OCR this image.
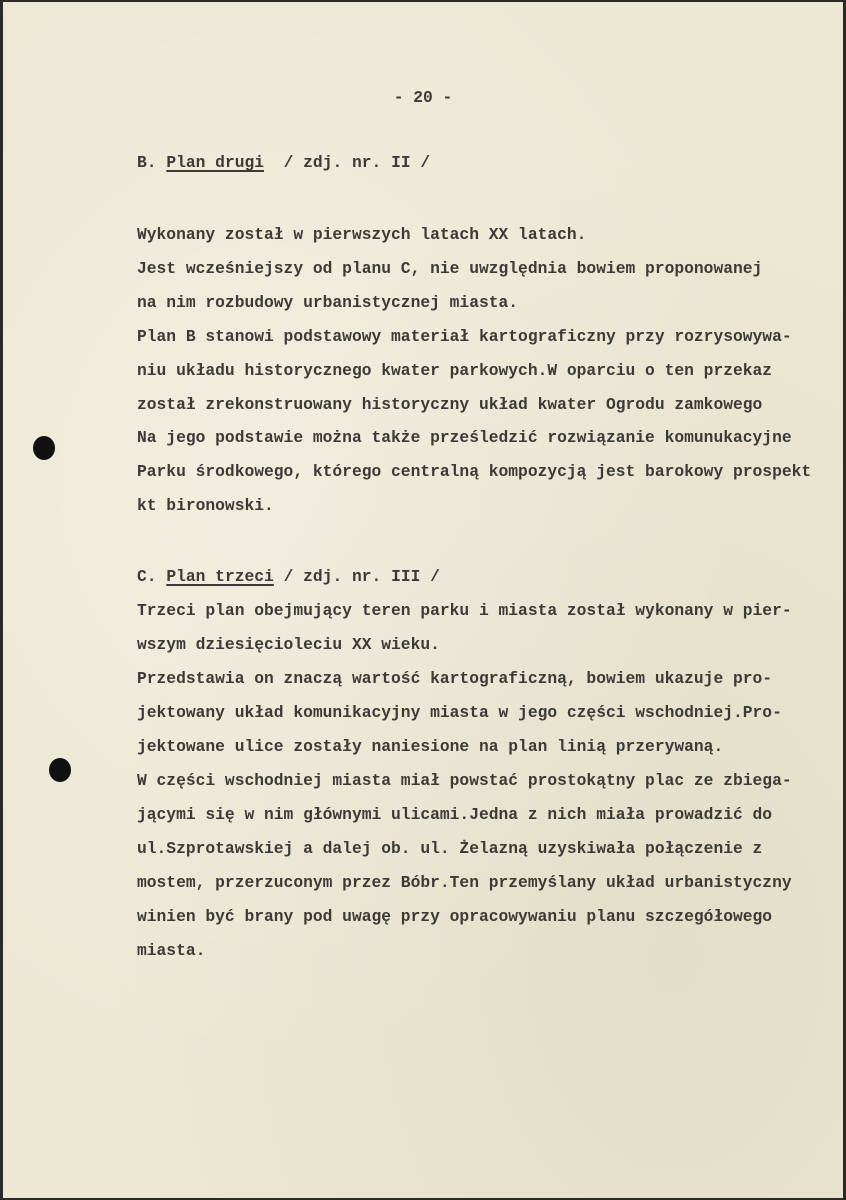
- 20 -
B. Plan drugi  / zdj. nr. II /
Wykonany został w pierwszych latach XX latach.
Jest wcześniejszy od planu C, nie uwzględnia bowiem proponowanej
na nim rozbudowy urbanistycznej miasta.
Plan B stanowi podstawowy materiał kartograficzny przy rozrysowywa-
niu układu historycznego kwater parkowych.W oparciu o ten przekaz
został zrekonstruowany historyczny układ kwater Ogrodu zamkowego
Na jego podstawie można także prześledzić rozwiązanie komunukacyjne
Parku środkowego, którego centralną kompozycją jest barokowy prospekt
kt bironowski.
C. Plan trzeci / zdj. nr. III /
Trzeci plan obejmujący teren parku i miasta został wykonany w pier-
wszym dziesięcioleciu XX wieku.
Przedstawia on znaczą wartość kartograficzną, bowiem ukazuje pro-
jektowany układ komunikacyjny miasta w jego części wschodniej.Pro-
jektowane ulice zostały naniesione na plan linią przerywaną.
W części wschodniej miasta miał powstać prostokątny plac ze zbiega-
jącymi się w nim głównymi ulicami.Jedna z nich miała prowadzić do
ul.Szprotawskiej a dalej ob. ul. Żelazną uzyskiwała połączenie z
mostem, przerzuconym przez Bóbr.Ten przemyślany układ urbanistyczny
winien być brany pod uwagę przy opracowywaniu planu szczegółowego
miasta.
